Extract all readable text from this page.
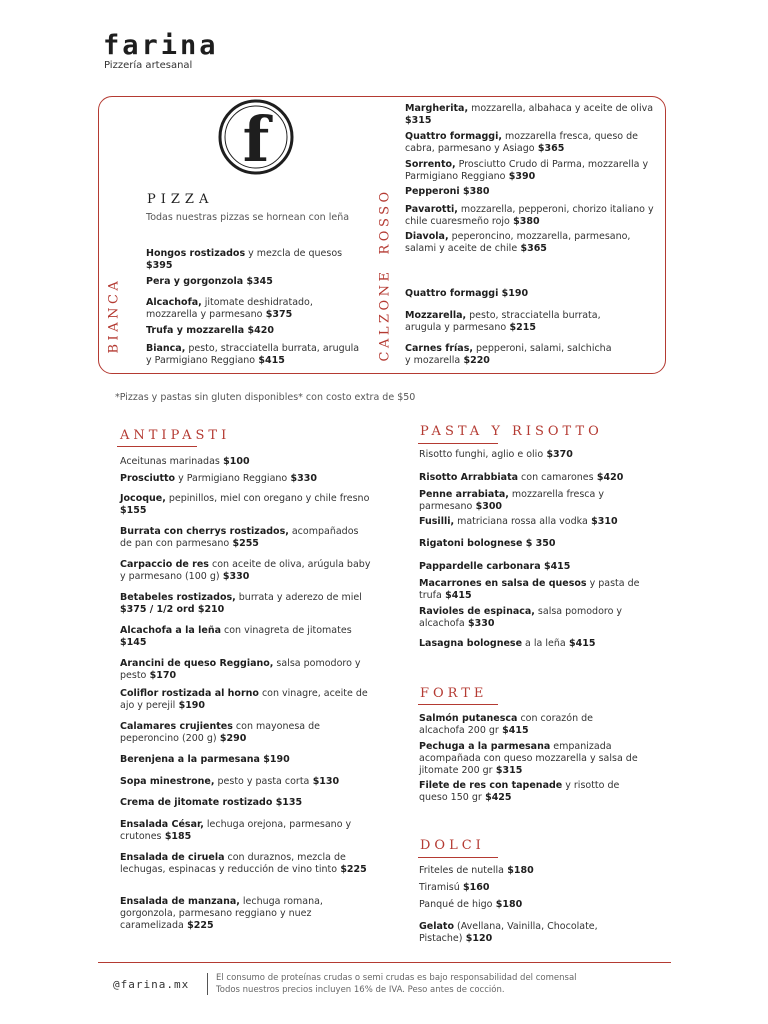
farina
Pizzería artesanal
f
PIZZA
Todas nuestras pizzas se hornean con leña
BIANCA
ROSSO
CALZONE
Hongos rostizados y mezcla de quesos $395
Pera y gorgonzola $345
Alcachofa, jitomate deshidratado, mozzarella y parmesano $375
Trufa y mozzarella $420
Bianca, pesto, stracciatella burrata, arugula y Parmigiano Reggiano $415
Margherita, mozzarella, albahaca y aceite de oliva $315
Quattro formaggi, mozzarella fresca, queso de cabra, parmesano y Asiago $365
Sorrento, Prosciutto Crudo di Parma, mozzarella y Parmigiano Reggiano $390
Pepperoni $380
Pavarotti, mozzarella, pepperoni, chorizo italiano y chile cuaresmeño rojo $380
Diavola, peperoncino, mozzarella, parmesano, salami y aceite de chile $365
Quattro formaggi $190
Mozzarella, pesto, stracciatella burrata, arugula y parmesano $215
Carnes frías, pepperoni, salami, salchicha y mozarella $220
*Pizzas y pastas sin gluten disponibles* con costo extra de $50
ANTIPASTI	PASTA Y RISOTTO
FORTE
DOLCI
Aceitunas marinadas $100
Prosciutto y Parmigiano Reggiano $330
Jocoque, pepinillos, miel con oregano y chile fresno $155
Burrata con cherrys rostizados, acompañados de pan con parmesano $255
Carpaccio de res con aceite de oliva, arúgula baby y parmesano (100 g) $330
Betabeles rostizados, burrata y aderezo de miel $375 / 1/2 ord $210
Alcachofa a la leña con vinagreta de jitomates $145
Arancini de queso Reggiano, salsa pomodoro y pesto $170
Coliflor rostizada al horno con vinagre, aceite de ajo y perejil $190
Calamares crujientes con mayonesa de peperoncino (200 g) $290
Berenjena a la parmesana $190
Sopa minestrone, pesto y pasta corta $130
Crema de jitomate rostizado $135
Ensalada César, lechuga orejona, parmesano y crutones $185
Ensalada de ciruela con duraznos, mezcla de lechugas, espinacas y reducción de vino tinto $225
Ensalada de manzana, lechuga romana, gorgonzola, parmesano reggiano y nuez caramelizada $225
Risotto funghi, aglio e olio $370
Risotto Arrabbiata con camarones $420
Penne arrabiata, mozzarella fresca y parmesano $300
Fusilli, matriciana rossa alla vodka $310
Rigatoni bolognese $ 350
Pappardelle carbonara $415
Macarrones en salsa de quesos y pasta de trufa $415
Ravioles de espinaca, salsa pomodoro y alcachofa $330
Lasagna bolognese a la leña $415
Salmón putanesca con corazón de alcachofa 200 gr $415
Pechuga a la parmesana empanizada acompañada con queso mozzarella y salsa de jitomate 200 gr $315
Filete de res con tapenade y risotto de queso 150 gr $425
Friteles de nutella $180
Tiramisú $160
Panqué de higo $180
Gelato (Avellana, Vainilla, Chocolate, Pistache) $120
@farina.mx	El consumo de proteínas crudas o semi crudas es bajo responsabilidad del comensal
Todos nuestros precios incluyen 16% de IVA. Peso antes de cocción.
